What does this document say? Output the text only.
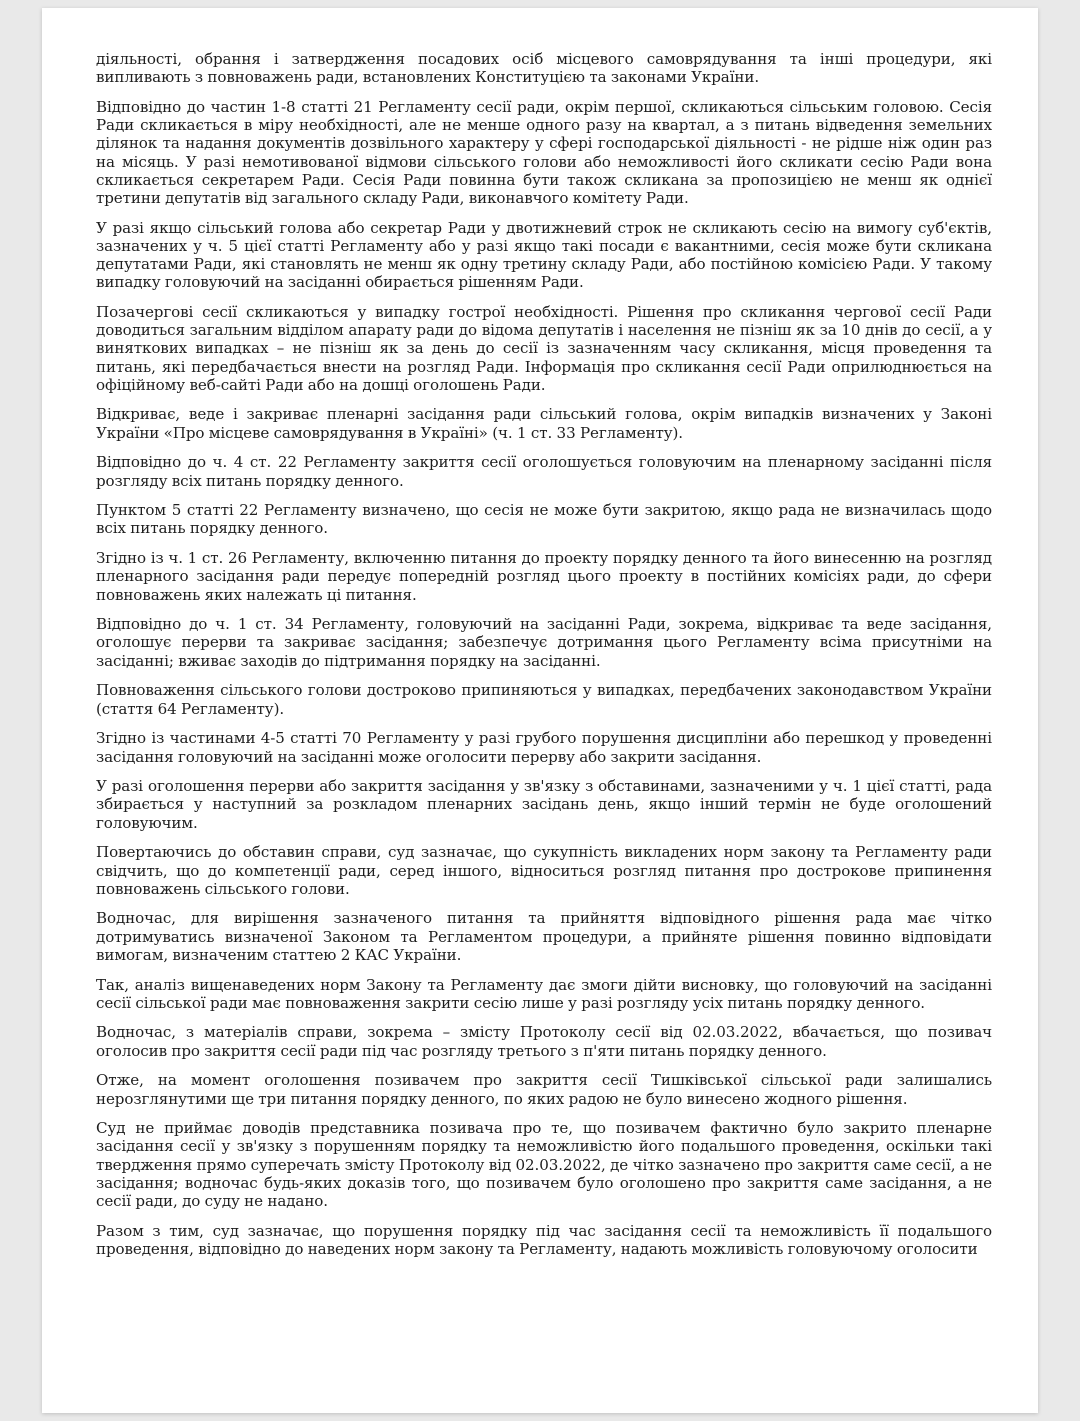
діяльності, обрання і затвердження посадових осіб місцевого самоврядування та інші процедури, які випливають з повноважень ради, встановлених Конституцією та законами України.

Відповідно до частин 1-8 статті 21 Регламенту сесії ради, окрім першої, скликаються сільським головою. Сесія Ради скликається в міру необхідності, але не менше одного разу на квартал, а з питань відведення земельних ділянок та надання документів дозвільного характеру у сфері господарської діяльності - не рідше ніж один раз на місяць. У разі немотивованої відмови сільського голови або неможливості його скликати сесію Ради вона скликається секретарем Ради. Сесія Ради повинна бути також скликана за пропозицією не менш як однієї третини депутатів від загального складу Ради, виконавчого комітету Ради.

У разі якщо сільський голова або секретар Ради у двотижневий строк не скликають сесію на вимогу суб'єктів, зазначених у ч. 5 цієї статті Регламенту або у разі якщо такі посади є вакантними, сесія може бути скликана депутатами Ради, які становлять не менш як одну третину складу Ради, або постійною комісією Ради. У такому випадку головуючий на засіданні обирається рішенням Ради.

Позачергові сесії скликаються у випадку гострої необхідності. Рішення про скликання чергової сесії Ради доводиться загальним відділом апарату ради до відома депутатів і населення не пізніш як за 10 днів до сесії, а у виняткових випадках – не пізніш як за день до сесії із зазначенням часу скликання, місця проведення та питань, які передбачається внести на розгляд Ради. Інформація про скликання сесії Ради оприлюднюється на офіційному веб-сайті Ради або на дошці оголошень Ради.

Відкриває, веде і закриває пленарні засідання ради сільський голова, окрім випадків визначених у Законі України «Про місцеве самоврядування в Україні» (ч. 1 ст. 33 Регламенту).

Відповідно до ч. 4 ст. 22 Регламенту закриття сесії оголошується головуючим на пленарному засіданні після розгляду всіх питань порядку денного.

Пунктом 5 статті 22 Регламенту визначено, що сесія не може бути закритою, якщо рада не визначилась щодо всіх питань порядку денного.

Згідно із ч. 1 ст. 26 Регламенту, включенню питання до проекту порядку денного та його винесенню на розгляд пленарного засідання ради передує попередній розгляд цього проекту в постійних комісіях ради, до сфери повноважень яких належать ці питання.

Відповідно до ч. 1 ст. 34 Регламенту, головуючий на засіданні Ради, зокрема, відкриває та веде засідання, оголошує перерви та закриває засідання; забезпечує дотримання цього Регламенту всіма присутніми на засіданні; вживає заходів до підтримання порядку на засіданні.

Повноваження сільського голови достроково припиняються у випадках, передбачених законодавством України (стаття 64 Регламенту).

Згідно із частинами 4-5 статті 70 Регламенту у разі грубого порушення дисципліни або перешкод у проведенні засідання головуючий на засіданні може оголосити перерву або закрити засідання.

У разі оголошення перерви або закриття засідання у зв'язку з обставинами, зазначеними у ч. 1 цієї статті, рада збирається у наступний за розкладом пленарних засідань день, якщо інший термін не буде оголошений головуючим.

Повертаючись до обставин справи, суд зазначає, що сукупність викладених норм закону та Регламенту ради свідчить, що до компетенції ради, серед іншого, відноситься розгляд питання про дострокове припинення повноважень сільського голови.

Водночас, для вирішення зазначеного питання та прийняття відповідного рішення рада має чітко дотримуватись визначеної Законом та Регламентом процедури, а прийняте рішення повинно відповідати вимогам, визначеним статтею 2 КАС України.

Так, аналіз вищенаведених норм Закону та Регламенту дає змоги дійти висновку, що головуючий на засіданні сесії сільської ради має повноваження закрити сесію лише у разі розгляду усіх питань порядку денного.

Водночас, з матеріалів справи, зокрема – змісту Протоколу сесії від 02.03.2022, вбачається, що позивач оголосив про закриття сесії ради під час розгляду третього з п'яти питань порядку денного.

Отже, на момент оголошення позивачем про закриття сесії Тишківської сільської ради залишались нерозглянутими ще три питання порядку денного, по яких радою не було винесено жодного рішення.

Суд не приймає доводів представника позивача про те, що позивачем фактично було закрито пленарне засідання сесії у зв'язку з порушенням порядку та неможливістю його подальшого проведення, оскільки такі твердження прямо суперечать змісту Протоколу від 02.03.2022, де чітко зазначено про закриття саме сесії, а не засідання; водночас будь-яких доказів того, що позивачем було оголошено про закриття саме засідання, а не сесії ради, до суду не надано.

Разом з тим, суд зазначає, що порушення порядку під час засідання сесії та неможливість її подальшого проведення, відповідно до наведених норм закону та Регламенту, надають можливість головуючому оголосити
